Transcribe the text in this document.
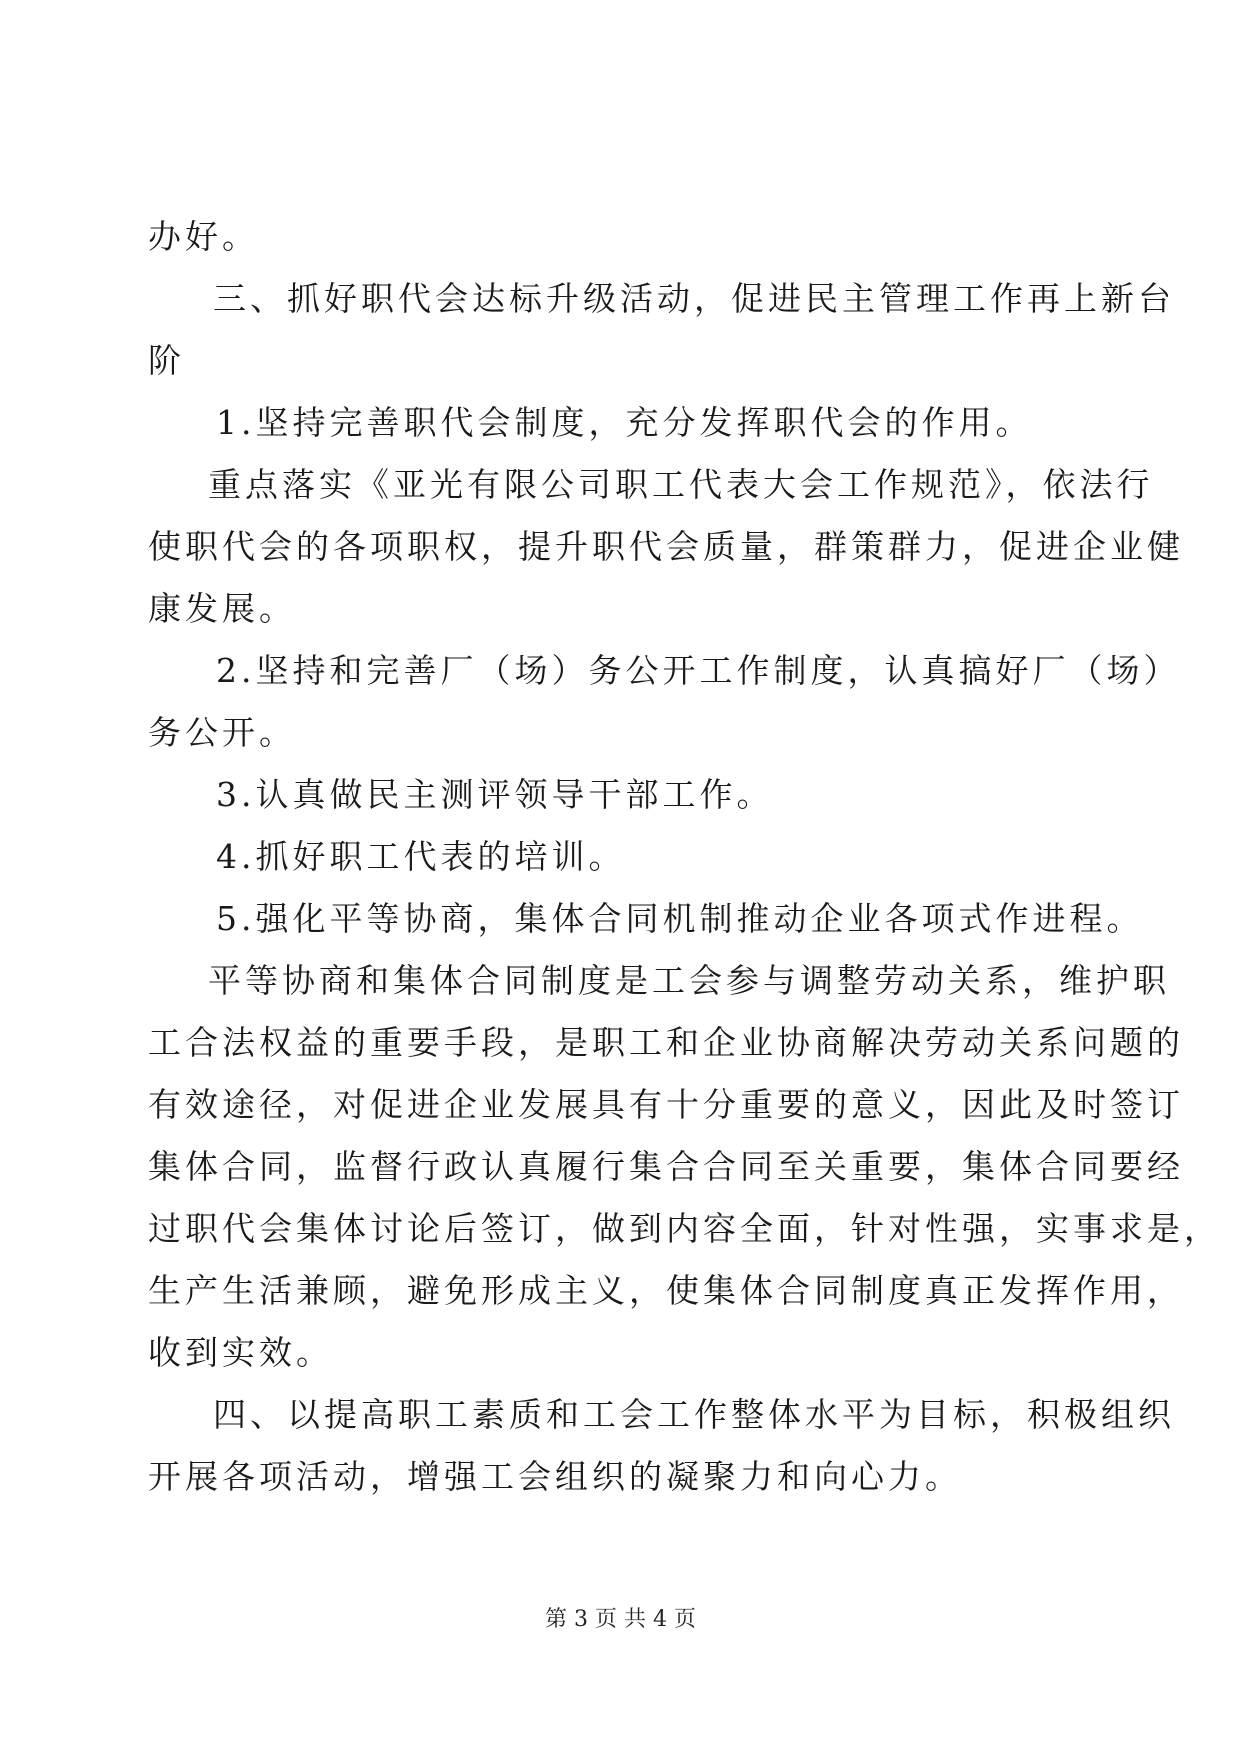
办好。

三、抓好职代会达标升级活动，促进民主管理工作再上新台

阶

1.坚持完善职代会制度，充分发挥职代会的作用。

重点落实《亚光有限公司职工代表大会工作规范》，依法行

使职代会的各项职权，提升职代会质量，群策群力，促进企业健

康发展。

2.坚持和完善厂（场）务公开工作制度，认真搞好厂（场）

务公开。

3.认真做民主测评领导干部工作。

4.抓好职工代表的培训。

5.强化平等协商，集体合同机制推动企业各项式作进程。

平等协商和集体合同制度是工会参与调整劳动关系，维护职

工合法权益的重要手段，是职工和企业协商解决劳动关系问题的

有效途径，对促进企业发展具有十分重要的意义，因此及时签订

集体合同，监督行政认真履行集合合同至关重要，集体合同要经

过职代会集体讨论后签订，做到内容全面，针对性强，实事求是，

生产生活兼顾，避免形成主义，使集体合同制度真正发挥作用，

收到实效。

四、以提高职工素质和工会工作整体水平为目标，积极组织

开展各项活动，增强工会组织的凝聚力和向心力。

第 3 页 共 4 页
